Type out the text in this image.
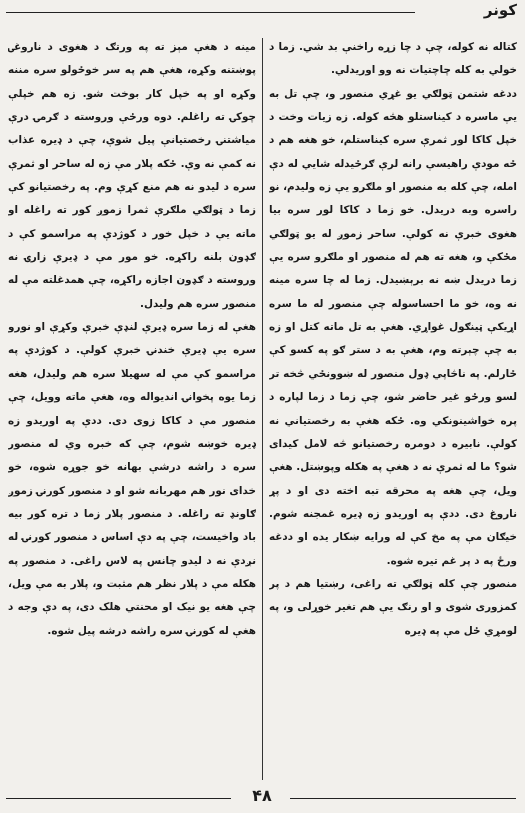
کونر

کتاله نه کوله، چې د چا زړه راخنې بد شي. زما د خولي به کله چاچتيات نه وو اوريدلي.

ددغه شتمن ټولګي يو غړي منصور و، چې تل به يې ماسره د کيناستلو هڅه کوله. زه زيات وخت د خپل کاکا لور ثمرې سره کيناستلم، خو هغه هم د ځه مودې راهيسې رانه لرې ګرځيدله شايي له دې امله، چې کله به منصور او ملګرو يې زه وليدم، نو راسره وبه دريدل. خو زما د کاکا لور سره بيا هغوی خبرې نه کولې. ساحر زموږ له يو ټولګي مځکې و، هغه ته هم له منصور او ملګرو سره يې زما دريدل ښه نه برېښيدل. زما له چا سره مينه نه وه، خو ما احساسوله چې منصور له ما سره اړيکې ټينګول غواړي. هغې به تل ماته کتل او زه به چې چېرته وم، هغې به د ستر ګو په کسو کې ځارلم. په ناڅاپي ډول منصور له ښوونځي څخه تر لسو ورځو غير حاضر شو، چې زما د زما لپاره د پره خواشينونکي وه. ځکه هغې به رخصتياني نه کولې. نابيره د دومره رخصتيانو څه لامل کيدای شو؟ ما له ثمرې نه د هغې په هکله وپوښتل. هغې ويل، چې هغه په محرقه تبه اخته دی او د پړ ناروغ دی. ددې په اوريدو زه ډيره غمجنه شوم. خيګان مې په مخ کې له ورايه ښکار يده او ددغه ورځ په د پر غم تيره شوه.

منصور چې کله ټولګي ته راغی، رښتيا هم د پر کمزوری شوی و او رنګ يې هم تغير خوړلی و، په لومړي ځل مې په ډيره

مينه د هغې مېز ته په ورتګ د هغوی د ناروغۍ پوښتنه وکړه، هغې هم په سر خوځولو سره مننه وکړه او په خپل کار بوخت شو. زه هم خپلې چوکۍ ته راغلم. دوه ورځې وروسته د ګرمۍ درې مياشتنۍ رخصتيانې پيل شوې، چې د ډيره عذاب نه کمې نه وې. ځکه پلار مې زه له ساحر او ثمرې سره د ليدو نه هم منع کړې وم. په رخصتيانو کې زما د ټولګي ملګرې ثمرا زموږ کور ته راغله او ماته يې د خپل خور د کوژدې په مراسمو کې د ګډون بلنه راکړه. خو مور مې د ډيرې زارۍ نه وروسته د ګډون اجازه راکړه، چې همدغلته مې له منصور سره هم وليدل.

هغې له زما سره ډيرې لنډې خبرې وکړې او نورو سره يې ډيرې خندنۍ خبرې کولې. د کوژدې په مراسمو کې مې له سهيلا سره هم وليدل، هغه زما يوه پخوانۍ انديواله وه، هغې ماته وويل، چې منصور مې د کاکا زوی دی. ددې په اوريدو زه ډيره خوښه شوم، چې که خبره وي له منصور سره د راشه درشې بهانه خو جوړه شوه، خو خدای نور هم مهربانه شو او د منصور کورنۍ زموږ ګاونډ ته راغله. د منصور پلار زما د تره کور بيه باد واخيست، چې په دې اساس د منصور کورنۍ له نږدې نه د ليدو چانس په لاس راغی. د منصور په هکله مې د پلار نظر هم مثبت و، پلار به مې ويل، چې هغه يو نيک او محنتي هلک دی، په دې وجه د هغې له کورنۍ سره راشه درشه پيل شوه.

۴۸
